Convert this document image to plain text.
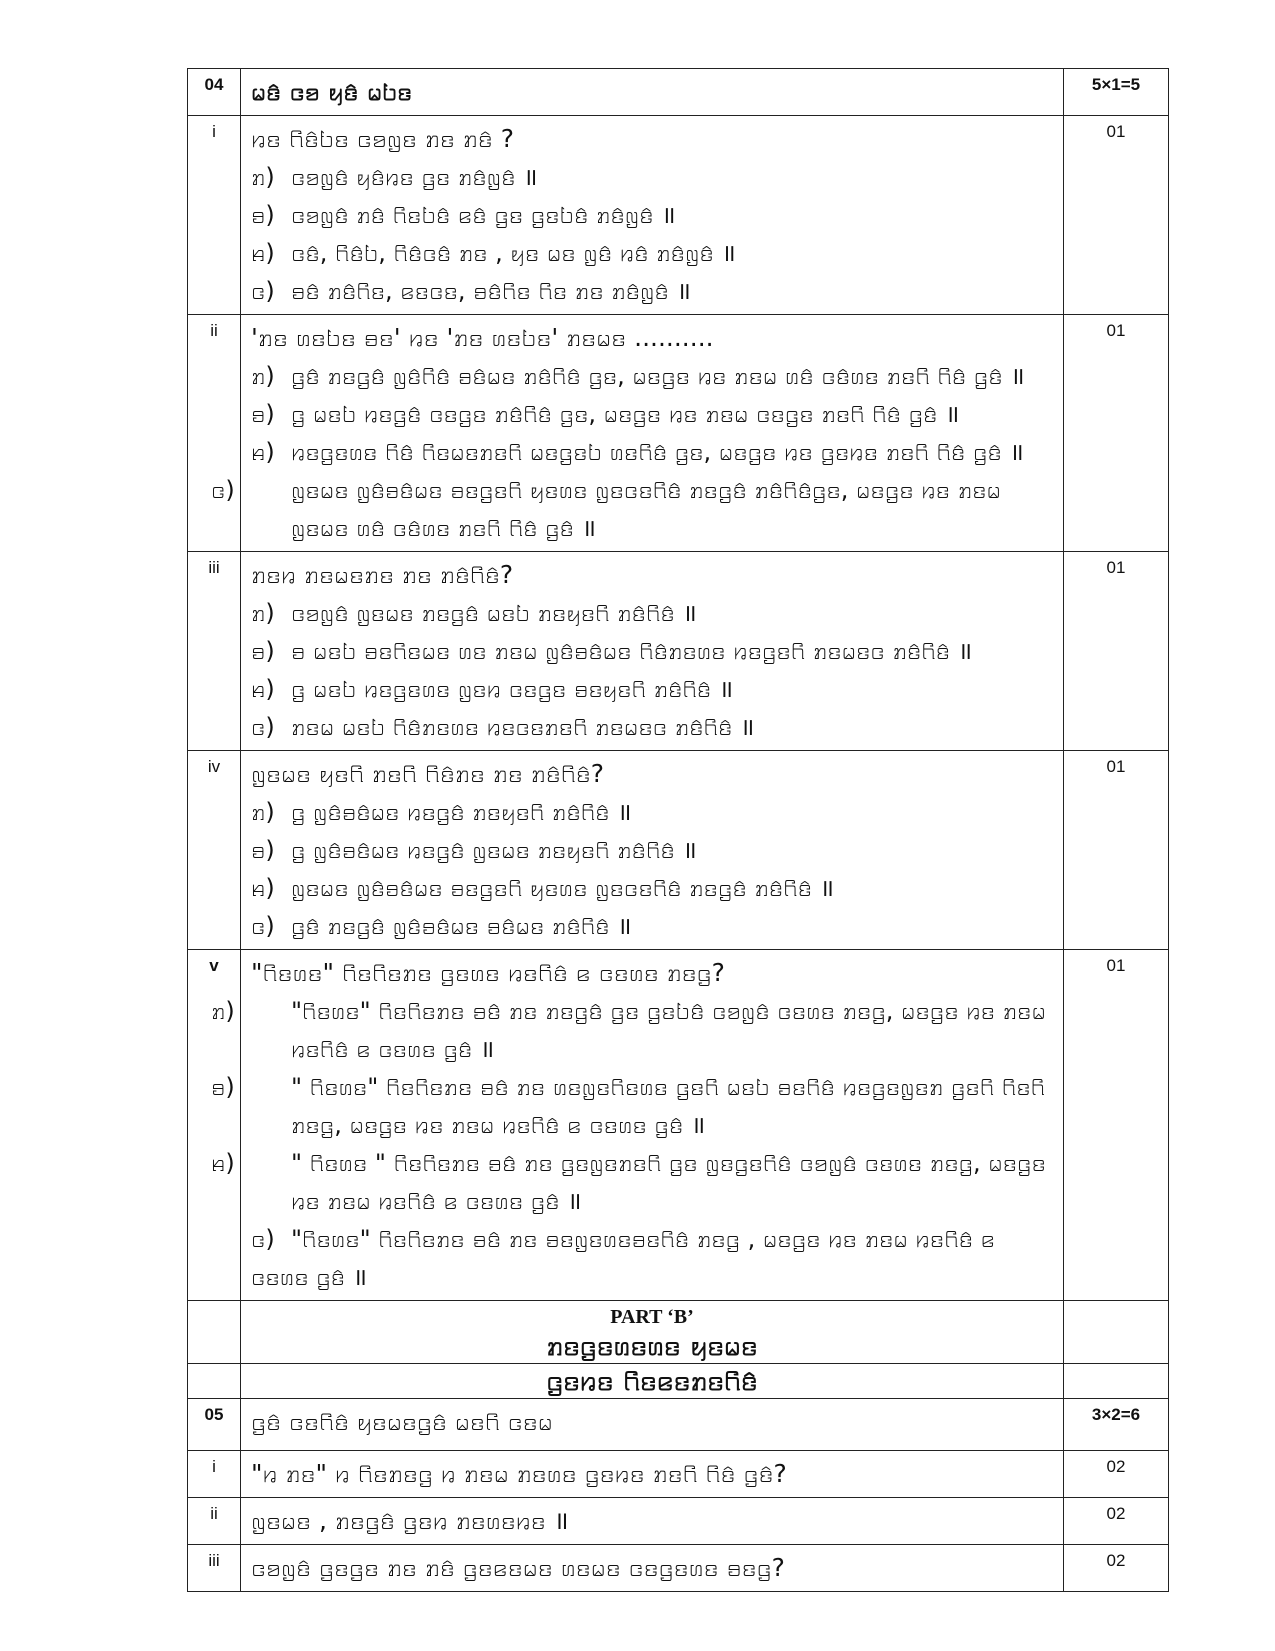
04	ꤗꤢꤨ ꤍꤤ ꤟꤢꤨ ꤗꤝꤢ	5×1=5
i	ꤙꤢ ꤖꤢꤨꤝꤢ ꤍꤤꤜꤢ ꤊꤢ ꤊꤢꤨ ?
ꤊ) ꤍꤤꤜꤢꤨ ꤟꤢꤨꤙꤢ ꤞꤢ ꤊꤢꤨꤜꤢꤨ ॥
ꤋ) ꤍꤤꤜꤢꤨ ꤊꤢꤨ ꤖꤢꤝꤢꤨ ꤕꤢꤨ ꤞꤢ ꤞꤢꤝꤢꤨ ꤊꤢꤨꤜꤢꤨ ॥
ꤌ) ꤍꤢꤨ, ꤖꤢꤨꤝ, ꤖꤢꤨꤍꤢꤨ ꤊꤢ , ꤟꤢ ꤗꤢ ꤜꤢꤨ ꤙꤢꤨ ꤊꤢꤨꤜꤢꤨ ॥
ꤍ) ꤋꤢꤨ ꤊꤢꤨꤖꤢ, ꤕꤢꤍꤢ, ꤋꤢꤨꤖꤢ ꤖꤢ ꤊꤢ ꤊꤢꤨꤜꤢꤨ ॥	01
ii	'ꤊꤢ ꤛꤢꤝꤢ ꤋꤢ' ꤙꤢ 'ꤊꤢ ꤛꤢꤝꤢ' ꤊꤢꤗꤢ ..........
ꤊ) ꤞꤢꤨ ꤊꤢꤞꤢꤨ ꤜꤢꤨꤖꤢꤨ ꤋꤢꤨꤗꤢ ꤊꤢꤨꤖꤢꤨ ꤞꤢ, ꤗꤢꤞꤢ ꤙꤢ ꤊꤢꤗ ꤛꤢꤨ ꤍꤢꤨꤛꤢ ꤊꤢꤖ ꤖꤢꤨ ꤞꤢꤨ ॥
ꤋ) ꤞ ꤗꤢꤝ ꤙꤢꤞꤢꤨ ꤍꤢꤞꤢ ꤊꤢꤨꤖꤢꤨ ꤞꤢ, ꤗꤢꤞꤢ ꤙꤢ ꤊꤢꤗ ꤍꤢꤞꤢ ꤊꤢꤖ ꤖꤢꤨ ꤞꤢꤨ ॥
ꤌ) ꤙꤢꤞꤢꤛꤢ ꤖꤢꤨ ꤖꤢꤗꤢꤊꤢꤖ ꤗꤢꤞꤢꤝ ꤛꤢꤖꤢꤨ ꤞꤢ, ꤗꤢꤞꤢ ꤙꤢ ꤞꤢꤙꤢ ꤊꤢꤖ ꤖꤢꤨ ꤞꤢꤨ ॥
ꤍ) ꤜꤢꤗꤢ ꤜꤢꤨꤋꤢꤨꤗꤢ ꤋꤢꤞꤢꤖ ꤟꤢꤛꤢ ꤜꤢꤍꤢꤖꤢꤨ ꤊꤢꤞꤢꤨ ꤊꤢꤨꤖꤢꤨꤞꤢ, ꤗꤢꤞꤢ ꤙꤢ ꤊꤢꤗ ꤜꤢꤗꤢ ꤛꤢꤨ ꤍꤢꤨꤛꤢ ꤊꤢꤖ ꤖꤢꤨ ꤞꤢꤨ ॥	01
iii	ꤊꤢꤙ ꤊꤢꤗꤢꤊꤢ ꤊꤢ ꤊꤢꤨꤖꤢꤨ?
ꤊ) ꤍꤤꤜꤢꤨ ꤜꤢꤗꤢ ꤊꤢꤞꤢꤨ ꤗꤢꤝ ꤊꤢꤟꤢꤖ ꤊꤢꤨꤖꤢꤨ ॥
ꤋ) ꤋ ꤗꤢꤝ ꤋꤢꤖꤢꤗꤢ ꤛꤢ ꤊꤢꤗ ꤜꤢꤨꤋꤢꤨꤗꤢ ꤖꤢꤨꤊꤢꤛꤢ ꤙꤢꤞꤢꤖ ꤊꤢꤗꤢꤍ ꤊꤢꤨꤖꤢꤨ ॥
ꤌ) ꤞ ꤗꤢꤝ ꤙꤢꤞꤢꤛꤢ ꤜꤢꤙ ꤍꤢꤞꤢ ꤋꤢꤟꤢꤖ ꤊꤢꤨꤖꤢꤨ ॥
ꤍ) ꤊꤢꤗ ꤗꤢꤝ ꤖꤢꤨꤊꤢꤛꤢ ꤙꤢꤍꤢꤊꤢꤖ ꤊꤢꤗꤢꤍ ꤊꤢꤨꤖꤢꤨ ॥	01
iv	ꤜꤢꤗꤢ ꤟꤢꤖ ꤊꤢꤖ ꤖꤢꤨꤊꤢ ꤊꤢ ꤊꤢꤨꤖꤢꤨ?
ꤊ) ꤞ ꤜꤢꤨꤋꤢꤨꤗꤢ ꤙꤢꤞꤢꤨ ꤊꤢꤟꤢꤖ ꤊꤢꤨꤖꤢꤨ ॥
ꤋ) ꤞ ꤜꤢꤨꤋꤢꤨꤗꤢ ꤙꤢꤞꤢꤨ ꤜꤢꤗꤢ ꤊꤢꤟꤢꤖ ꤊꤢꤨꤖꤢꤨ ॥
ꤌ) ꤜꤢꤗꤢ ꤜꤢꤨꤋꤢꤨꤗꤢ ꤋꤢꤞꤢꤖ ꤟꤢꤛꤢ ꤜꤢꤍꤢꤖꤢꤨ ꤊꤢꤞꤢꤨ ꤊꤢꤨꤖꤢꤨ ॥
ꤍ) ꤞꤢꤨ ꤊꤢꤞꤢꤨ ꤜꤢꤨꤋꤢꤨꤗꤢ ꤋꤢꤨꤗꤢ ꤊꤢꤨꤖꤢꤨ ॥	01
v	"ꤖꤢꤛꤢ" ꤖꤢꤖꤢꤊꤢ ꤞꤢꤛꤢ ꤙꤢꤖꤢꤨ ꤕ ꤍꤢꤛꤢ ꤊꤢꤞ?
ꤊ) "ꤖꤢꤛꤢ" ꤖꤢꤖꤢꤊꤢ ꤋꤢꤨ ꤊꤢ ꤊꤢꤞꤢꤨ ꤞꤢ ꤞꤢꤝꤢꤨ ꤍꤤꤜꤢꤨ ꤍꤢꤛꤢ ꤊꤢꤞ, ꤗꤢꤞꤢ ꤙꤢ ꤊꤢꤗ ꤙꤢꤖꤢꤨ ꤕ ꤍꤢꤛꤢ ꤞꤢꤨ ॥
ꤋ) " ꤖꤢꤛꤢ" ꤖꤢꤖꤢꤊꤢ ꤋꤢꤨ ꤊꤢ ꤛꤢꤜꤢꤖꤢꤛꤢ ꤞꤢꤖ ꤗꤢꤝ ꤋꤢꤖꤢꤨ ꤙꤢꤞꤢꤜꤢꤊ ꤞꤢꤖ ꤖꤢꤖ ꤊꤢꤞ, ꤗꤢꤞꤢ ꤙꤢ ꤊꤢꤗ ꤙꤢꤖꤢꤨ ꤕ ꤍꤢꤛꤢ ꤞꤢꤨ ॥
ꤌ) " ꤖꤢꤛꤢ " ꤖꤢꤖꤢꤊꤢ ꤋꤢꤨ ꤊꤢ ꤞꤢꤜꤢꤊꤢꤖ ꤞꤢ ꤜꤢꤞꤢꤖꤢꤨ ꤍꤤꤜꤢꤨ ꤍꤢꤛꤢ ꤊꤢꤞ, ꤗꤢꤞꤢ ꤙꤢ ꤊꤢꤗ ꤙꤢꤖꤢꤨ ꤕ ꤍꤢꤛꤢ ꤞꤢꤨ ॥
ꤍ) "ꤖꤢꤛꤢ" ꤖꤢꤖꤢꤊꤢ ꤋꤢꤨ ꤊꤢ ꤋꤢꤜꤢꤛꤢꤋꤢꤖꤢꤨ ꤊꤢꤞ , ꤗꤢꤞꤢ ꤙꤢ ꤊꤢꤗ ꤙꤢꤖꤢꤨ ꤕ ꤍꤢꤛꤢ ꤞꤢꤨ ॥	01

	PART ‘B’
ꤊꤢꤞꤢꤛꤢꤛꤢ ꤟꤢꤗꤢ	

	ꤞꤢꤙꤢ ꤖꤢꤕꤢꤊꤢꤖꤢꤨ	

05	ꤞꤢꤨ ꤍꤢꤖꤢꤨ ꤟꤢꤗꤢꤞꤢꤨ ꤗꤢꤖ ꤍꤢꤗ	3×2=6
i	"ꤙ ꤊꤢ" ꤙ ꤖꤢꤊꤢꤞ ꤙ ꤊꤢꤗ ꤊꤢꤛꤢ ꤞꤢꤙꤢ ꤊꤢꤖ ꤖꤢꤨ ꤞꤢꤨ?	02
ii	ꤜꤢꤗꤢ , ꤊꤢꤞꤢꤨ ꤞꤢꤙ ꤊꤢꤛꤢꤙꤢ ॥	02
iii	ꤍꤤꤜꤢꤨ ꤞꤢꤞꤢ ꤊꤢ ꤊꤢꤨ ꤞꤢꤕꤢꤗꤢ ꤛꤢꤗꤢ ꤍꤢꤞꤢꤛꤢ ꤋꤢꤞ?	02
